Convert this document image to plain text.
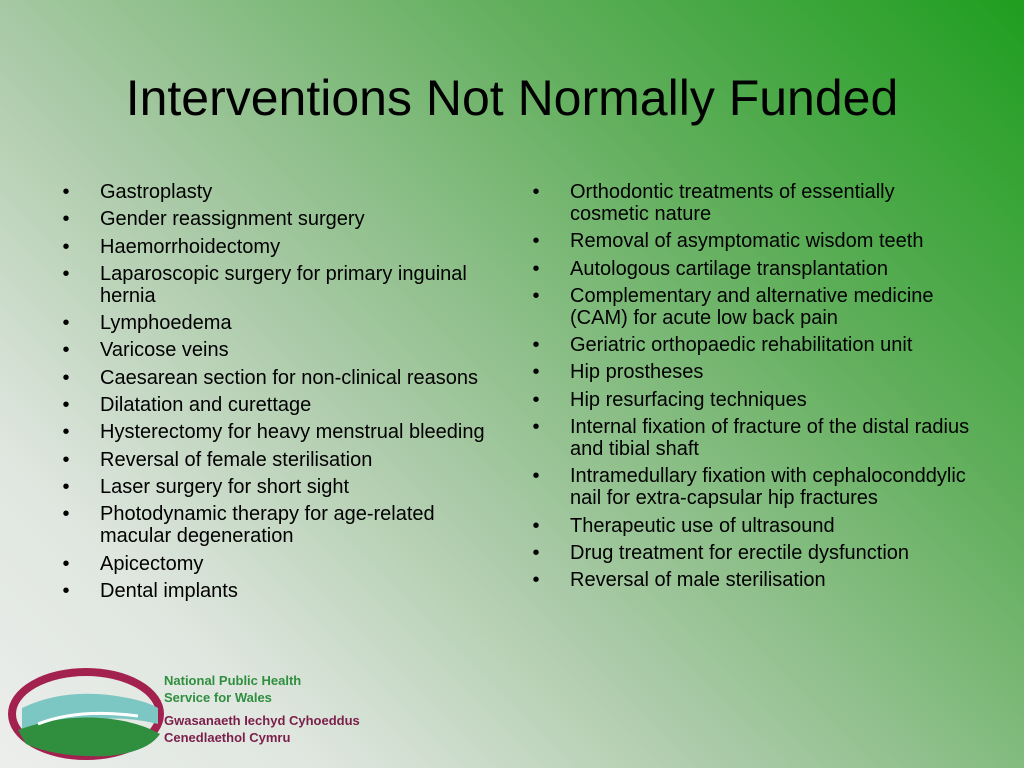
Interventions Not Normally Funded
• Gastroplasty
• Gender reassignment surgery
• Haemorrhoidectomy
• Laparoscopic surgery for primary inguinal hernia
• Lymphoedema
• Varicose veins
• Caesarean section for non-clinical reasons
• Dilatation and curettage
• Hysterectomy for heavy menstrual bleeding
• Reversal of female sterilisation
• Laser surgery for short sight
• Photodynamic therapy for age-related macular degeneration
• Apicectomy
• Dental implants
• Orthodontic treatments of essentially cosmetic nature
• Removal of asymptomatic wisdom teeth
• Autologous cartilage transplantation
• Complementary and alternative medicine (CAM) for acute low back pain
• Geriatric orthopaedic rehabilitation unit
• Hip prostheses
• Hip resurfacing techniques
• Internal fixation of fracture of the distal radius and tibial shaft
• Intramedullary fixation with cephaloconddylic nail for extra-capsular hip fractures
• Therapeutic use of ultrasound
• Drug treatment for erectile dysfunction
• Reversal of male sterilisation
National Public Health
Service for Wales
Gwasanaeth Iechyd Cyhoeddus
Cenedlaethol Cymru
